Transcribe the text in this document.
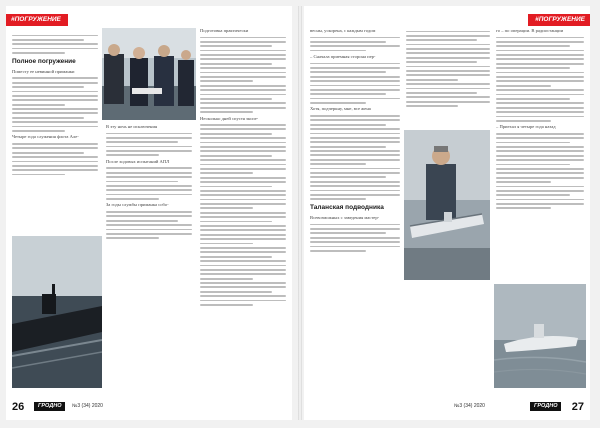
#ПОГРУЖЕНИЕ
Полное погружение
Поместу ее невинной приманки
Четыре года служения флота Але-
В эту ночь не исключения
После ходовых испытаний АПЛ
За годы службы приманка собо-
Подготовка практически
Несколько дней спустя экспе-
26	ГРОДНО	№3 (34) 2020
#ПОГРУЖЕНИЕ
весны, ускорена, с каждым годом
– Сначала приемная сторона пер-
Хотя, подчеркну, мне, все жена
Таланская подводника
Всевозможных с заведения мастер-
го – по операции. В радиостанции
– Приехал я четыре года назад
№3 (34) 2020	ГРОДНО	27
